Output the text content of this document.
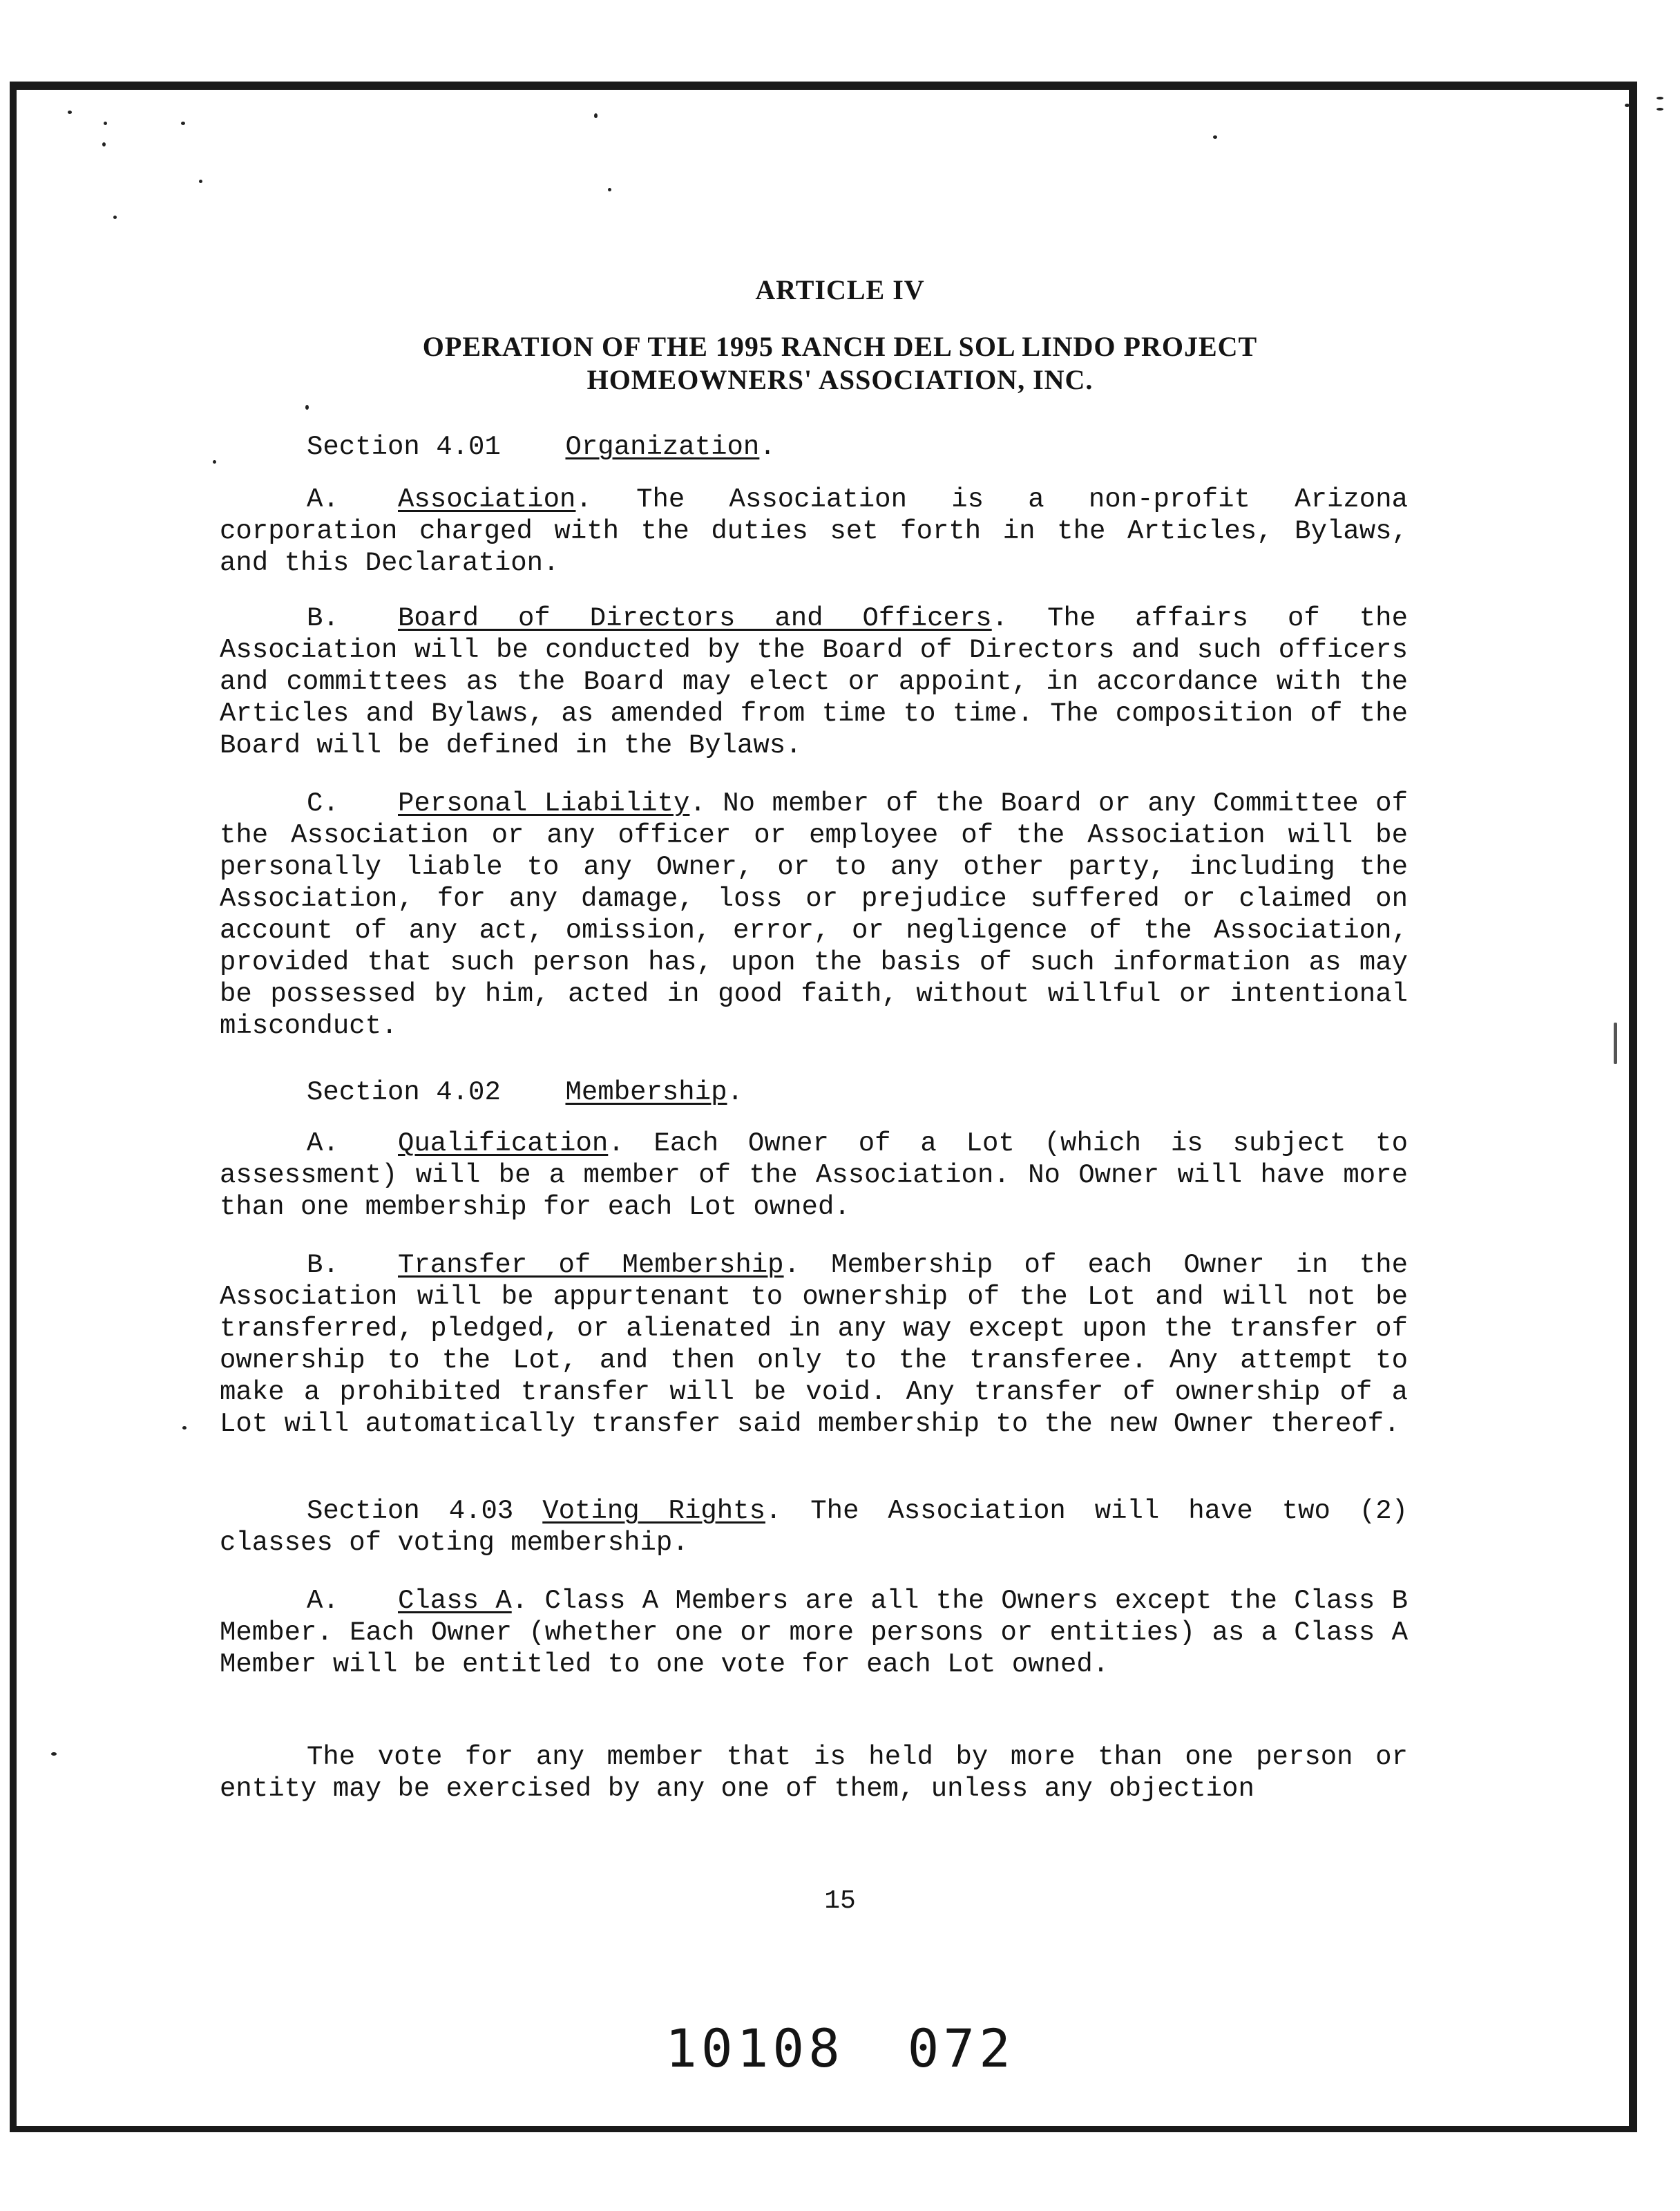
ARTICLE IV
OPERATION OF THE 1995 RANCH DEL SOL LINDO PROJECT
HOMEOWNERS' ASSOCIATION, INC.
Section 4.01 Organization.
A. Association. The Association is a non-profit Arizona corporation charged with the duties set forth in the Articles, Bylaws, and this Declaration.
B. Board of Directors and Officers. The affairs of the Association will be conducted by the Board of Directors and such officers and committees as the Board may elect or appoint, in accordance with the Articles and Bylaws, as amended from time to time. The composition of the Board will be defined in the Bylaws.
C. Personal Liability. No member of the Board or any Committee of the Association or any officer or employee of the Association will be personally liable to any Owner, or to any other party, including the Association, for any damage, loss or prejudice suffered or claimed on account of any act, omission, error, or negligence of the Association, provided that such person has, upon the basis of such information as may be possessed by him, acted in good faith, without willful or intentional misconduct.
Section 4.02 Membership.
A. Qualification. Each Owner of a Lot (which is subject to assessment) will be a member of the Association. No Owner will have more than one membership for each Lot owned.
B. Transfer of Membership. Membership of each Owner in the Association will be appurtenant to ownership of the Lot and will not be transferred, pledged, or alienated in any way except upon the transfer of ownership to the Lot, and then only to the transferee. Any attempt to make a prohibited transfer will be void. Any transfer of ownership of a Lot will automatically transfer said membership to the new Owner thereof.
Section 4.03 Voting Rights. The Association will have two (2) classes of voting membership.
A. Class A. Class A Members are all the Owners except the Class B Member. Each Owner (whether one or more persons or entities) as a Class A Member will be entitled to one vote for each Lot owned.
The vote for any member that is held by more than one person or entity may be exercised by any one of them, unless any objection
15
10108 072
